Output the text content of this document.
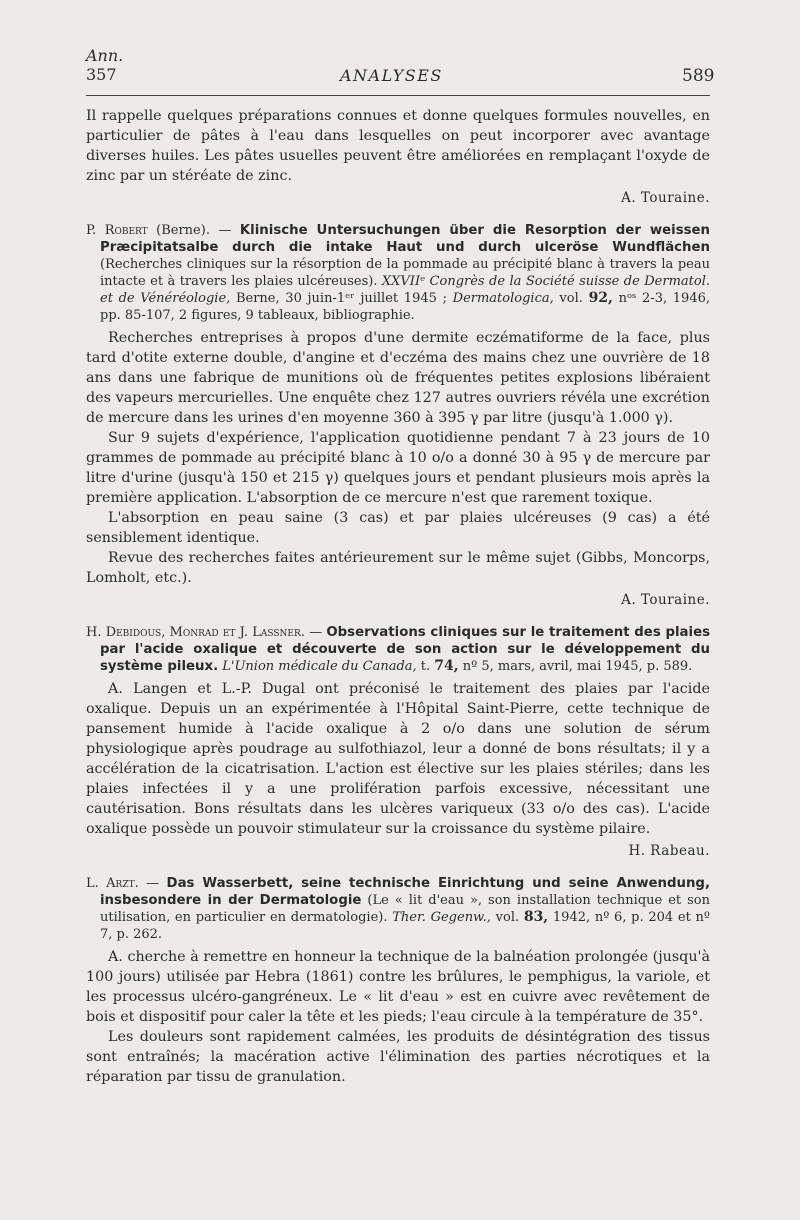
Ann.
357	ANALYSES	589

Il rappelle quelques préparations connues et donne quelques formules nouvelles, en particulier de pâtes à l'eau dans lesquelles on peut incorporer avec avantage diverses huiles. Les pâtes usuelles peuvent être améliorées en remplaçant l'oxyde de zinc par un stéréate de zinc.

A. Touraine.
P. Robert (Berne). — Klinische Untersuchungen über die Resorption der weissen Præcipitatsalbe durch die intake Haut und durch ulceröse Wundflächen (Recherches cliniques sur la résorption de la pommade au précipité blanc à travers la peau intacte et à travers les plaies ulcéreuses). XXVIIᵉ Congrès de la Société suisse de Dermatol. et de Vénéréologie, Berne, 30 juin-1ᵉʳ juillet 1945 ; Dermatologica, vol. 92, nᵒˢ 2-3, 1946, pp. 85-107, 2 figures, 9 tableaux, bibliographie.

Recherches entreprises à propos d'une dermite eczématiforme de la face, plus tard d'otite externe double, d'angine et d'eczéma des mains chez une ouvrière de 18 ans dans une fabrique de munitions où de fréquentes petites explosions libéraient des vapeurs mercurielles. Une enquête chez 127 autres ouvriers révéla une excrétion de mercure dans les urines d'en moyenne 360 à 395 γ par litre (jusqu'à 1.000 γ).

Sur 9 sujets d'expérience, l'application quotidienne pendant 7 à 23 jours de 10 grammes de pommade au précipité blanc à 10 o/o a donné 30 à 95 γ de mercure par litre d'urine (jusqu'à 150 et 215 γ) quelques jours et pendant plusieurs mois après la première application. L'absorption de ce mercure n'est que rarement toxique.

L'absorption en peau saine (3 cas) et par plaies ulcéreuses (9 cas) a été sensiblement identique.

Revue des recherches faites antérieurement sur le même sujet (Gibbs, Moncorps, Lomholt, etc.).

A. Touraine.
H. Debidous, Monrad et J. Lassner. — Observations cliniques sur le traitement des plaies par l'acide oxalique et découverte de son action sur le développement du système pileux. L'Union médicale du Canada, t. 74, nº 5, mars, avril, mai 1945, p. 589.

A. Langen et L.-P. Dugal ont préconisé le traitement des plaies par l'acide oxalique. Depuis un an expérimentée à l'Hôpital Saint-Pierre, cette technique de pansement humide à l'acide oxalique à 2 o/o dans une solution de sérum physiologique après poudrage au sulfothiazol, leur a donné de bons résultats; il y a accélération de la cicatrisation. L'action est élective sur les plaies stériles; dans les plaies infectées il y a une prolifération parfois excessive, nécessitant une cautérisation. Bons résultats dans les ulcères variqueux (33 o/o des cas). L'acide oxalique possède un pouvoir stimulateur sur la croissance du système pilaire.

H. Rabeau.
L. Arzt. — Das Wasserbett, seine technische Einrichtung und seine Anwendung, insbesondere in der Dermatologie (Le « lit d'eau », son installation technique et son utilisation, en particulier en dermatologie). Ther. Gegenw., vol. 83, 1942, nº 6, p. 204 et nº 7, p. 262.

A. cherche à remettre en honneur la technique de la balnéation prolongée (jusqu'à 100 jours) utilisée par Hebra (1861) contre les brûlures, le pemphigus, la variole, et les processus ulcéro-gangréneux. Le « lit d'eau » est en cuivre avec revêtement de bois et dispositif pour caler la tête et les pieds; l'eau circule à la température de 35°.

Les douleurs sont rapidement calmées, les produits de désintégration des tissus sont entraînés; la macération active l'élimination des parties nécrotiques et la réparation par tissu de granulation.
